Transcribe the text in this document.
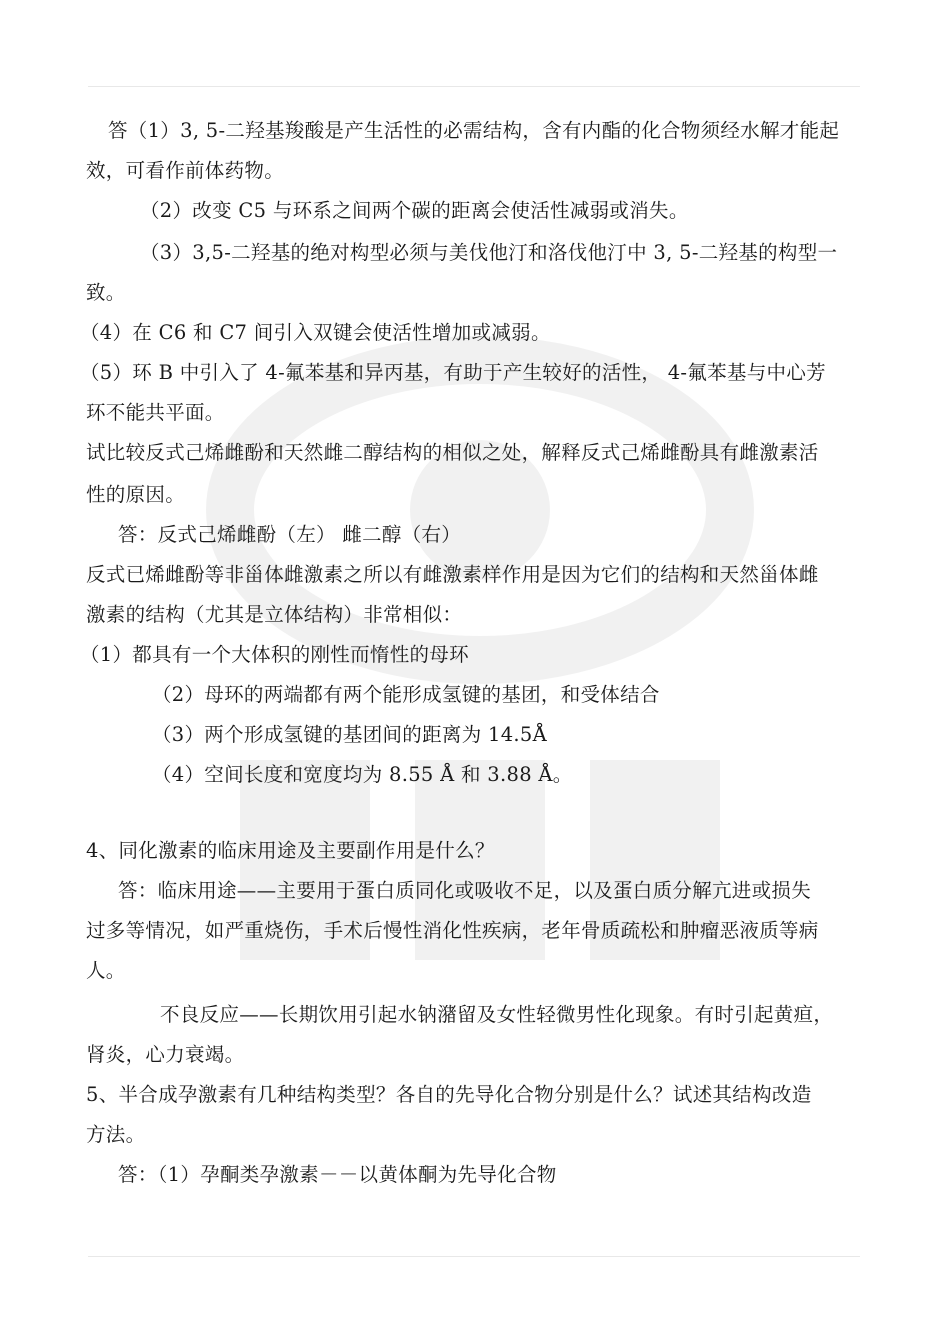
答（1）3, 5-二羟基羧酸是产生活性的必需结构，含有内酯的化合物须经水解才能起
效，可看作前体药物。
（2）改变 C5 与环系之间两个碳的距离会使活性减弱或消失。
（3）3,5-二羟基的绝对构型必须与美伐他汀和洛伐他汀中 3, 5-二羟基的构型一
致。
（4）在 C6 和 C7 间引入双键会使活性增加或减弱。
（5）环 B 中引入了 4-氟苯基和异丙基，有助于产生较好的活性， 4-氟苯基与中心芳
环不能共平面。
试比较反式己烯雌酚和天然雌二醇结构的相似之处，解释反式己烯雌酚具有雌激素活
性的原因。
答：反式己烯雌酚（左） 雌二醇（右）
反式已烯雌酚等非甾体雌激素之所以有雌激素样作用是因为它们的结构和天然甾体雌
激素的结构（尤其是立体结构）非常相似：
（1）都具有一个大体积的刚性而惰性的母环
（2）母环的两端都有两个能形成氢键的基团，和受体结合
（3）两个形成氢键的基团间的距离为 14.5Å
（4）空间长度和宽度均为 8.55 Å 和 3.88 Å。
4、同化激素的临床用途及主要副作用是什么？
答：临床用途——主要用于蛋白质同化或吸收不足，以及蛋白质分解亢进或损失
过多等情况，如严重烧伤，手术后慢性消化性疾病，老年骨质疏松和肿瘤恶液质等病
人。
不良反应——长期饮用引起水钠潴留及女性轻微男性化现象。有时引起黄疸，
肾炎，心力衰竭。
5、半合成孕激素有几种结构类型？各自的先导化合物分别是什么？试述其结构改造
方法。
答：（1）孕酮类孕激素－－以黄体酮为先导化合物
